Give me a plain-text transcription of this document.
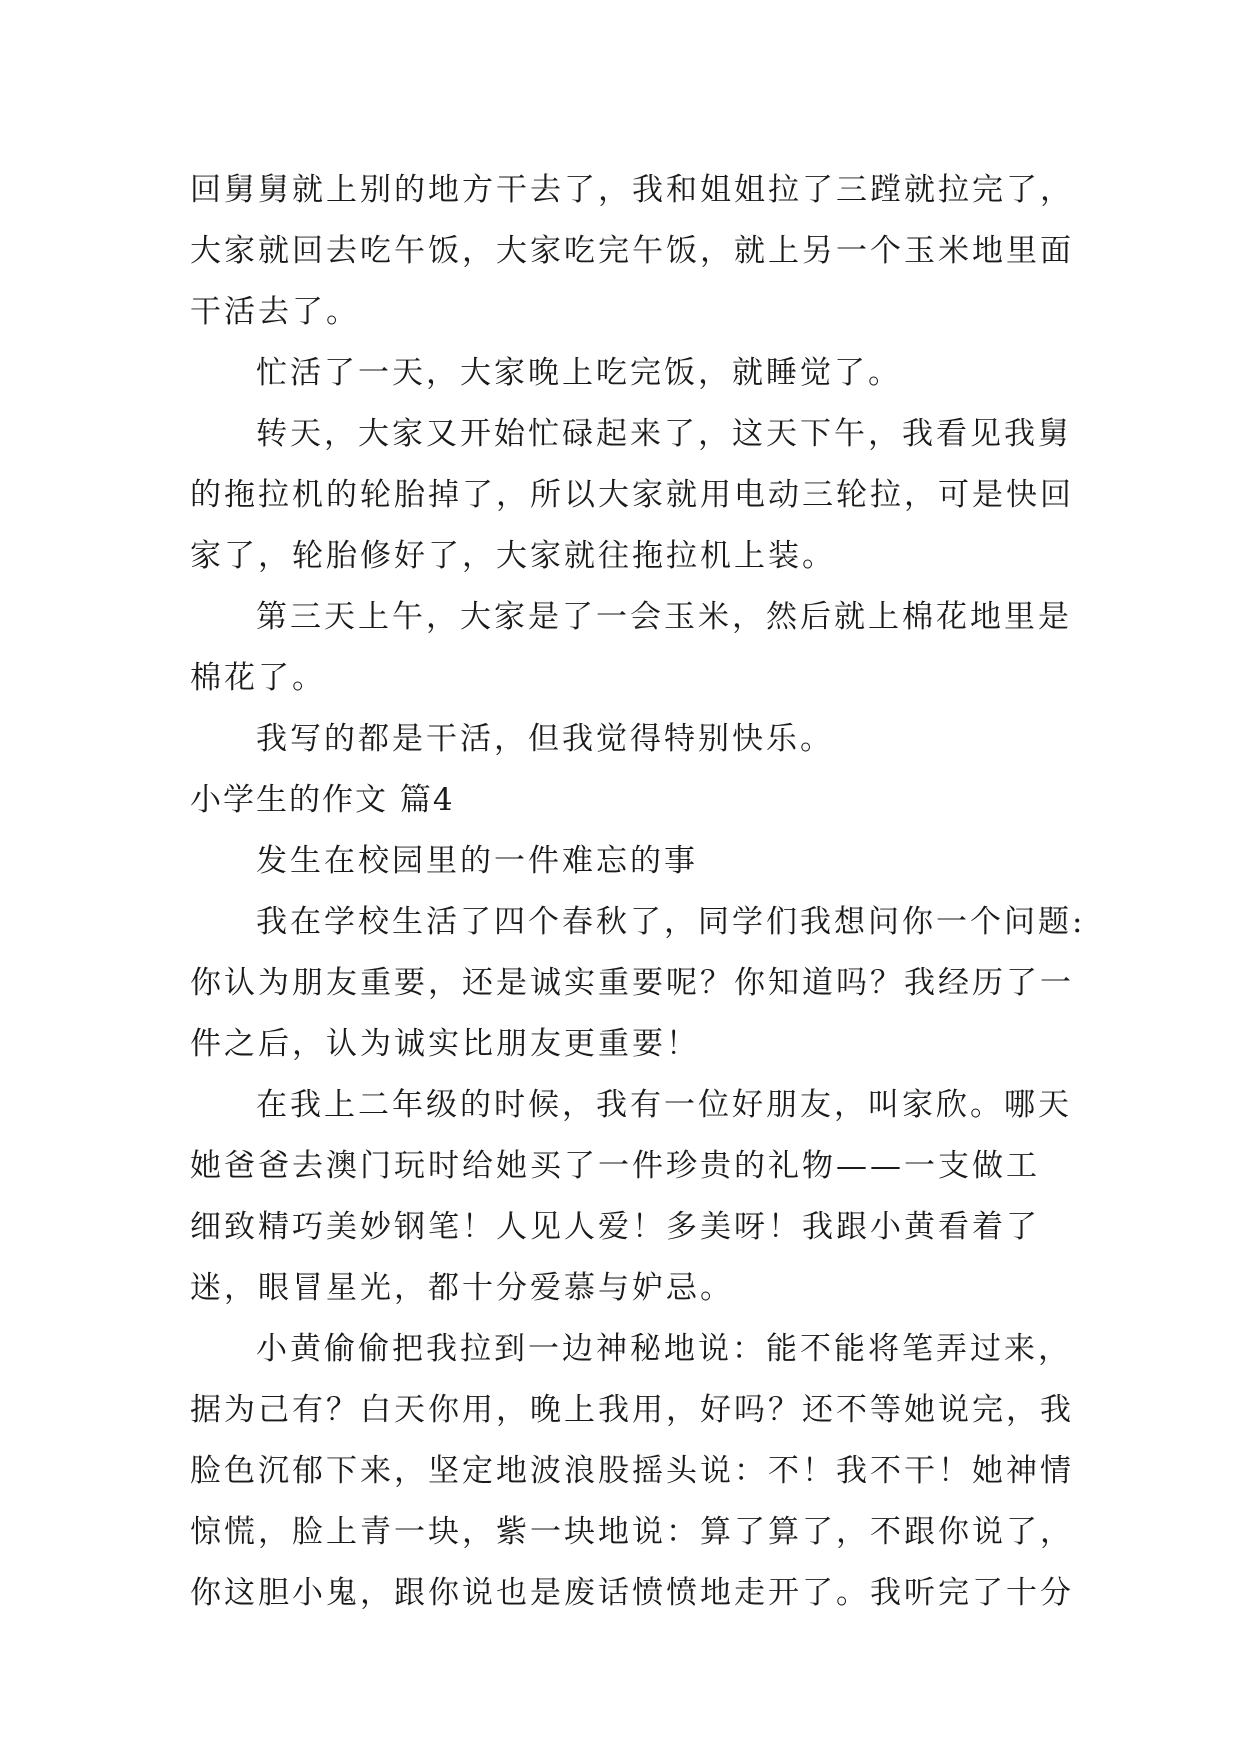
回舅舅就上别的地方干去了，我和姐姐拉了三蹚就拉完了，
大家就回去吃午饭，大家吃完午饭，就上另一个玉米地里面
干活去了。
忙活了一天，大家晚上吃完饭，就睡觉了。
转天，大家又开始忙碌起来了，这天下午，我看见我舅
的拖拉机的轮胎掉了，所以大家就用电动三轮拉，可是快回
家了，轮胎修好了，大家就往拖拉机上装。
第三天上午，大家是了一会玉米，然后就上棉花地里是
棉花了。
我写的都是干活，但我觉得特别快乐。
小学生的作文 篇4
发生在校园里的一件难忘的事
我在学校生活了四个春秋了，同学们我想问你一个问题:
你认为朋友重要，还是诚实重要呢？你知道吗？我经历了一
件之后，认为诚实比朋友更重要！
在我上二年级的时候，我有一位好朋友，叫家欣。哪天
她爸爸去澳门玩时给她买了一件珍贵的礼物——一支做工
细致精巧美妙钢笔！人见人爱！多美呀！我跟小黄看着了
迷，眼冒星光，都十分爱慕与妒忌。
小黄偷偷把我拉到一边神秘地说：能不能将笔弄过来，
据为己有？白天你用，晚上我用，好吗？还不等她说完，我
脸色沉郁下来，坚定地波浪股摇头说：不！我不干！她神情
惊慌，脸上青一块，紫一块地说：算了算了，不跟你说了，
你这胆小鬼，跟你说也是废话愤愤地走开了。我听完了十分
